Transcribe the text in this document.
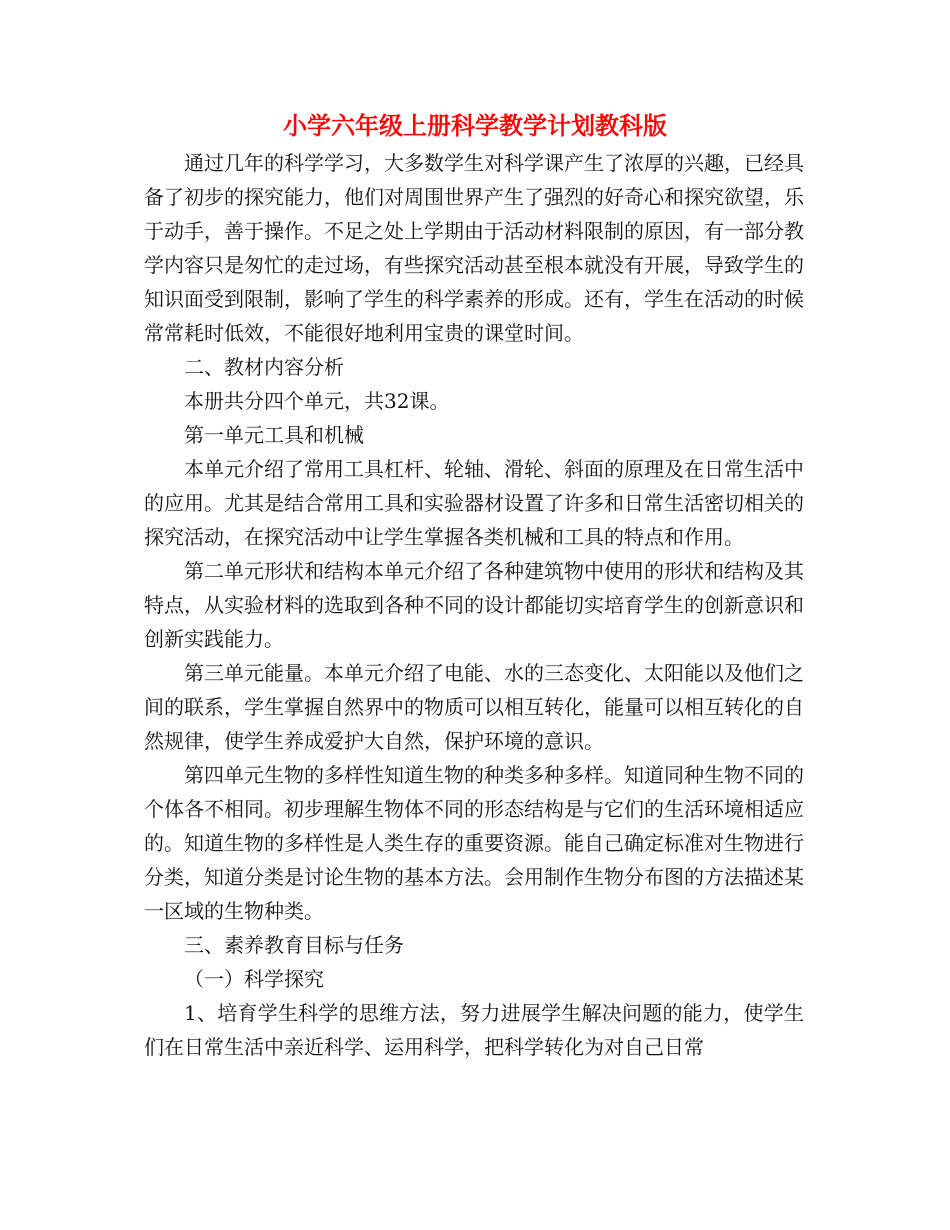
小学六年级上册科学教学计划教科版

通过几年的科学学习，大多数学生对科学课产生了浓厚的兴趣，已经具备了初步的探究能力，他们对周围世界产生了强烈的好奇心和探究欲望，乐于动手，善于操作。不足之处上学期由于活动材料限制的原因，有一部分教学内容只是匆忙的走过场，有些探究活动甚至根本就没有开展，导致学生的知识面受到限制，影响了学生的科学素养的形成。还有，学生在活动的时候常常耗时低效，不能很好地利用宝贵的课堂时间。

二、教材内容分析

本册共分四个单元，共32课。

第一单元工具和机械

本单元介绍了常用工具杠杆、轮轴、滑轮、斜面的原理及在日常生活中的应用。尤其是结合常用工具和实验器材设置了许多和日常生活密切相关的探究活动，在探究活动中让学生掌握各类机械和工具的特点和作用。

第二单元形状和结构本单元介绍了各种建筑物中使用的形状和结构及其特点，从实验材料的选取到各种不同的设计都能切实培育学生的创新意识和创新实践能力。

第三单元能量。本单元介绍了电能、水的三态变化、太阳能以及他们之间的联系，学生掌握自然界中的物质可以相互转化，能量可以相互转化的自然规律，使学生养成爱护大自然，保护环境的意识。

第四单元生物的多样性知道生物的种类多种多样。知道同种生物不同的个体各不相同。初步理解生物体不同的形态结构是与它们的生活环境相适应的。知道生物的多样性是人类生存的重要资源。能自己确定标准对生物进行分类，知道分类是讨论生物的基本方法。会用制作生物分布图的方法描述某一区域的生物种类。

三、素养教育目标与任务

（一）科学探究

1、培育学生科学的思维方法，努力进展学生解决问题的能力，使学生们在日常生活中亲近科学、运用科学，把科学转化为对自己日常
